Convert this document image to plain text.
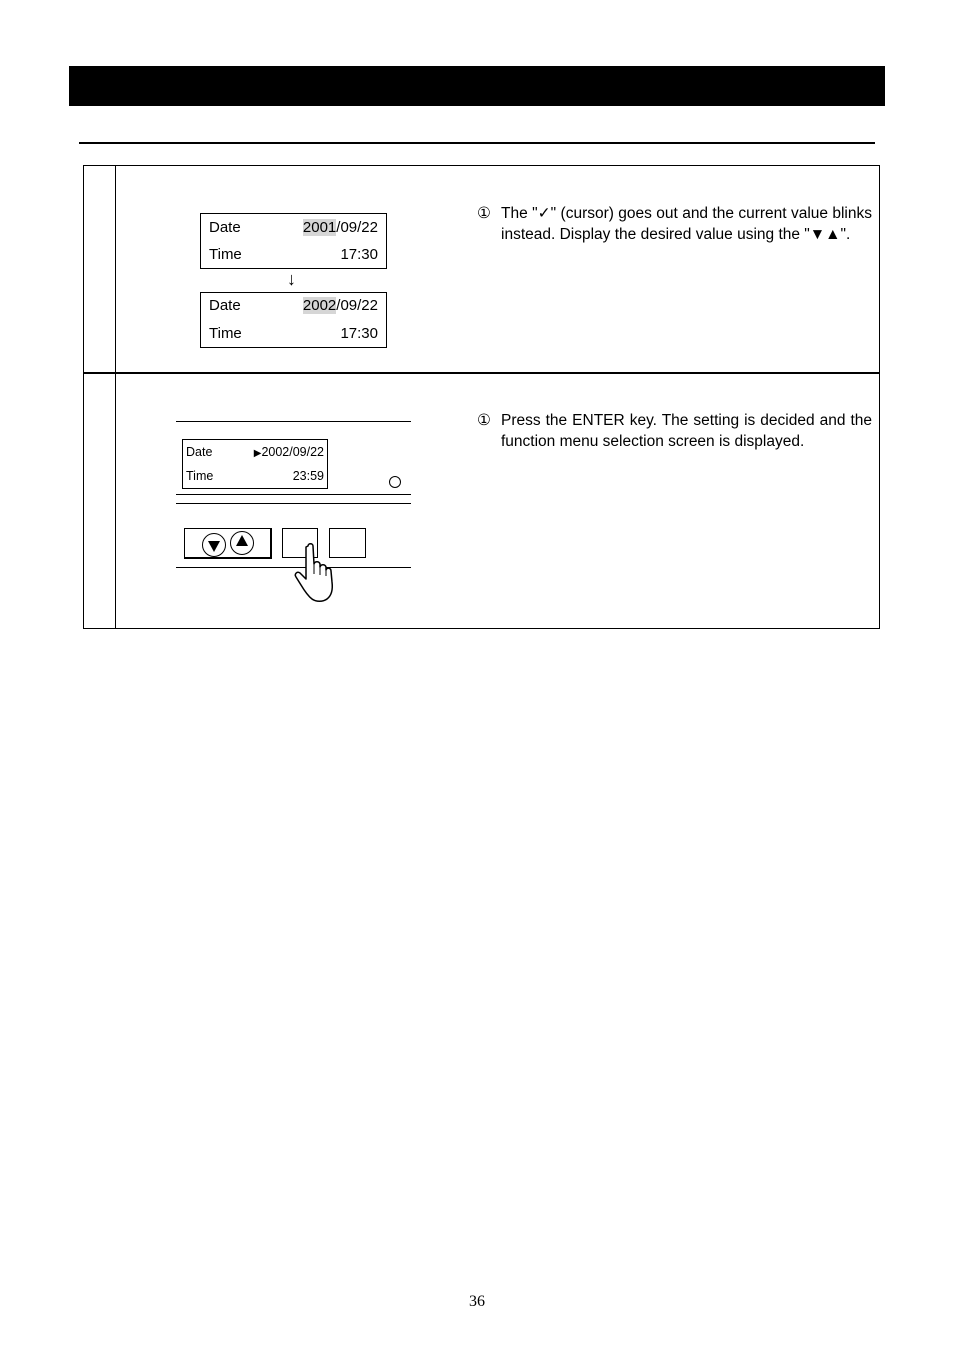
Date	2001/09/22
Time	17:30
↓
Date	2002/09/22
Time	17:30
① The "✓" (cursor) goes out and the current value blinks instead. Display the desired value using the "▼▲".
Date	▶2002/09/22
Time	23:59
① Press the ENTER key. The setting is decided and the function menu selection screen is displayed.
36
